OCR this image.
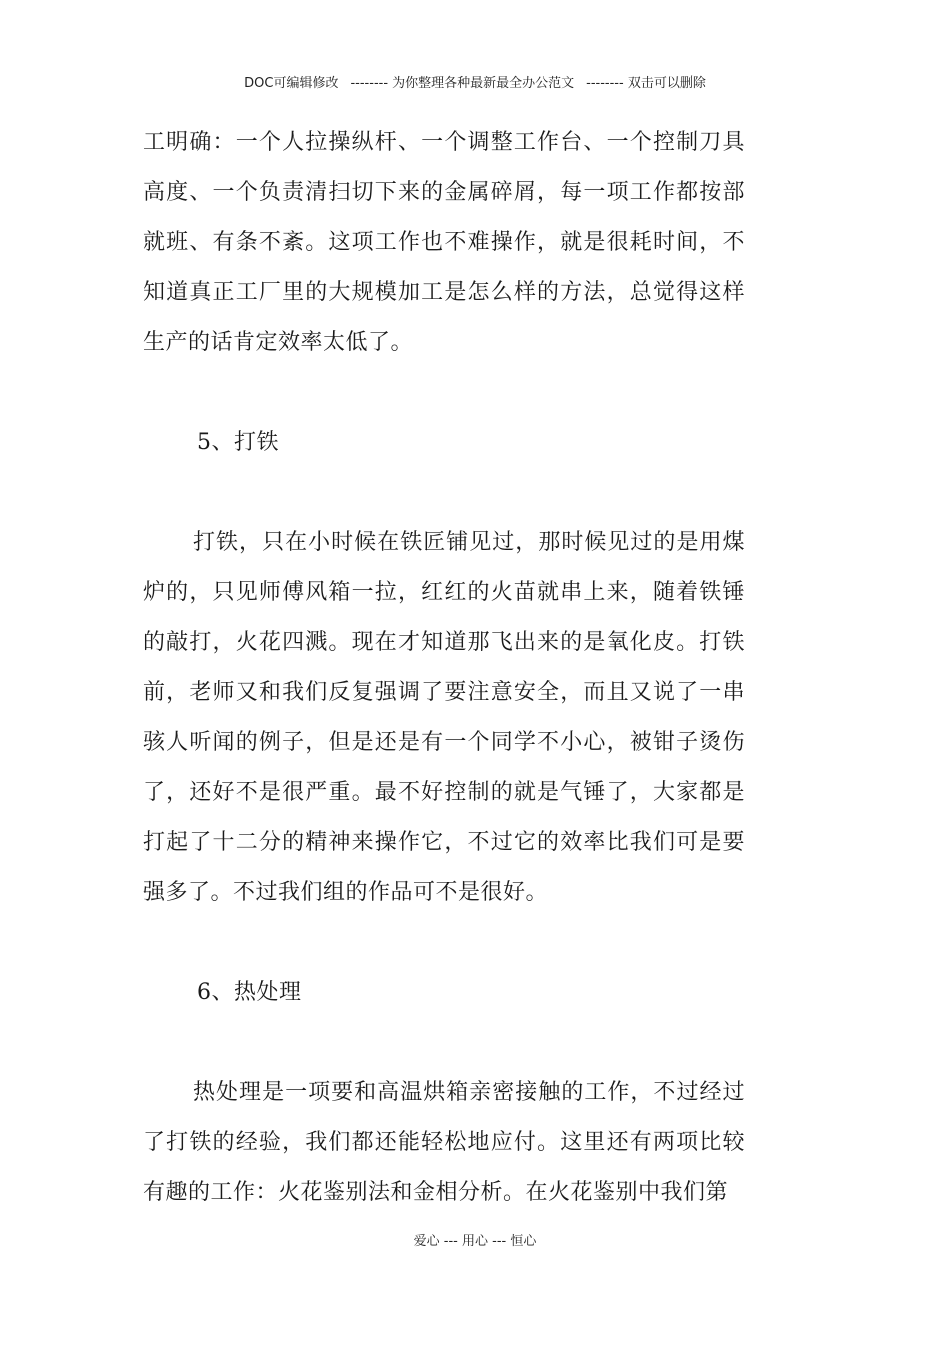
DOC可编辑修改 -------- 为你整理各种最新最全办公范文 -------- 双击可以删除

工明确：一个人拉操纵杆、一个调整工作台、一个控制刀具高度、一个负责清扫切下来的金属碎屑，每一项工作都按部就班、有条不紊。这项工作也不难操作，就是很耗时间，不知道真正工厂里的大规模加工是怎么样的方法，总觉得这样生产的话肯定效率太低了。

5、打铁

打铁，只在小时候在铁匠铺见过，那时候见过的是用煤炉的，只见师傅风箱一拉，红红的火苗就串上来，随着铁锤的敲打，火花四溅。现在才知道那飞出来的是氧化皮。打铁前，老师又和我们反复强调了要注意安全，而且又说了一串骇人听闻的例子，但是还是有一个同学不小心，被钳子烫伤了，还好不是很严重。最不好控制的就是气锤了，大家都是打起了十二分的精神来操作它，不过它的效率比我们可是要强多了。不过我们组的作品可不是很好。

6、热处理

热处理是一项要和高温烘箱亲密接触的工作，不过经过了打铁的经验，我们都还能轻松地应付。这里还有两项比较有趣的工作：火花鉴别法和金相分析。在火花鉴别中我们第

爱心 --- 用心 --- 恒心
